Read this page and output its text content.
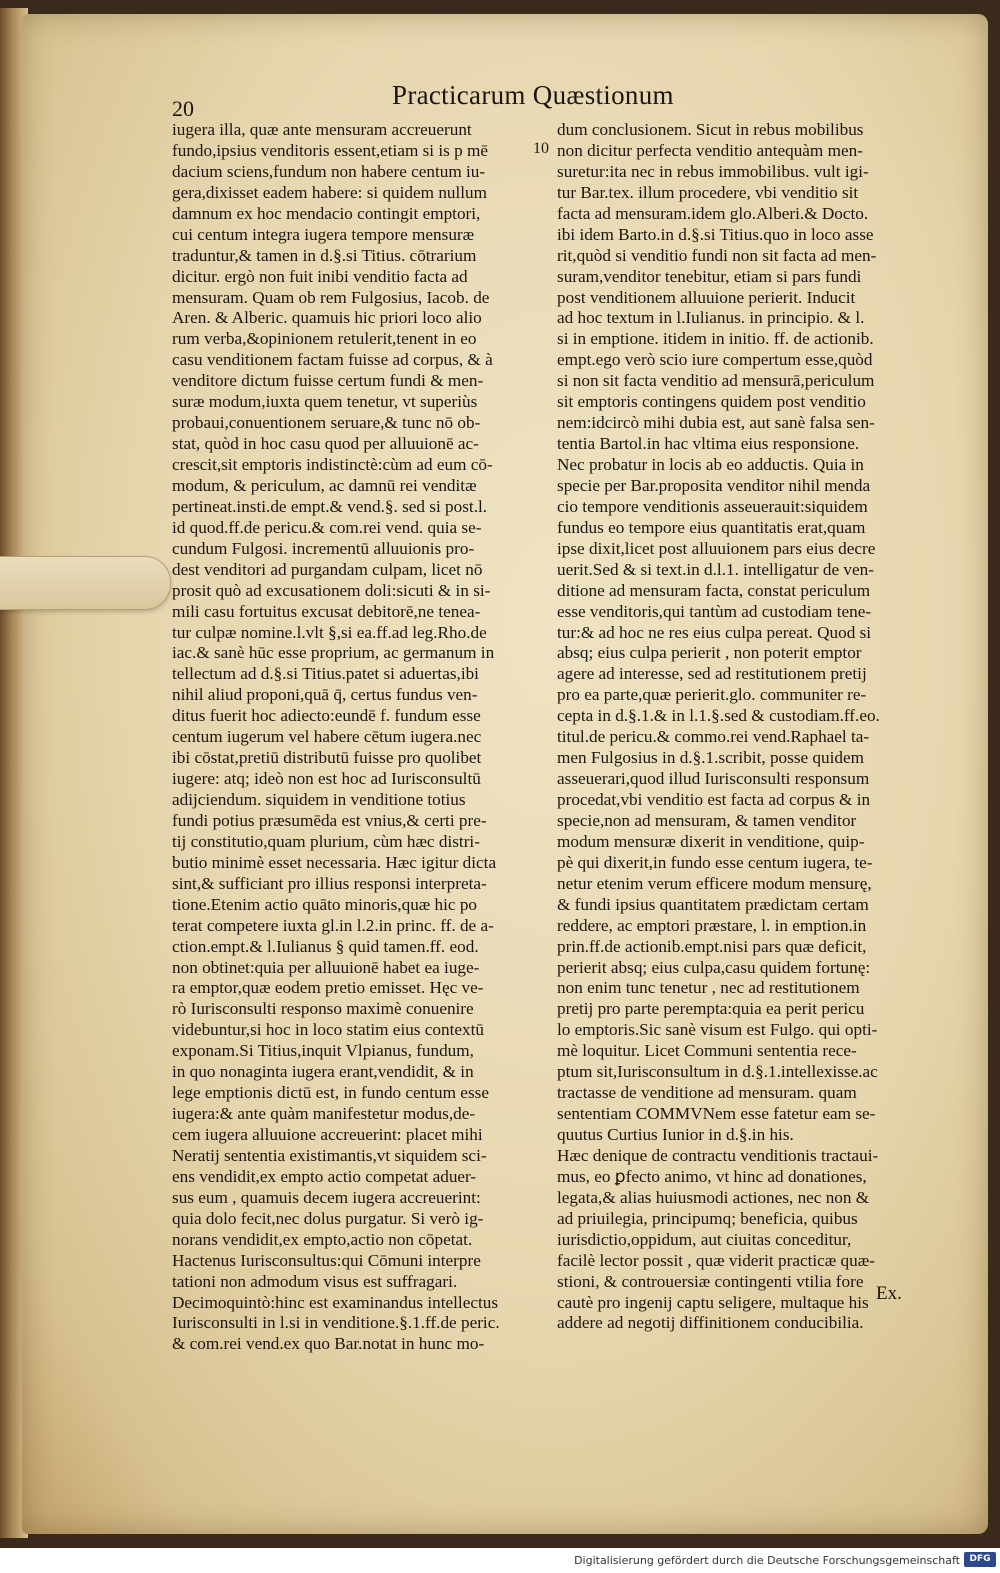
20	Practicarum Quæstionum
10
iugera illa, quæ ante mensuram accreuerunt
fundo,ipsius venditoris essent,etiam si is p mē
dacium sciens,fundum non habere centum iu-
gera,dixisset eadem habere: si quidem nullum
damnum ex hoc mendacio contingit emptori,
cui centum integra iugera tempore mensuræ
traduntur,& tamen in d.§.si Titius. cōtrarium
dicitur. ergò non fuit inibi venditio facta ad
mensuram. Quam ob rem Fulgosius, Iacob. de
Aren. & Alberic. quamuis hic priori loco alio
rum verba,&opinionem retulerit,tenent in eo
casu venditionem factam fuisse ad corpus, & à
venditore dictum fuisse certum fundi & men-
suræ modum,iuxta quem tenetur, vt superiùs
probaui,conuentionem seruare,& tunc nō ob-
stat, quòd in hoc casu quod per alluuionē ac-
crescit,sit emptoris indistinctè:cùm ad eum cō-
modum, & periculum, ac damnū rei venditæ
pertineat.insti.de empt.& vend.§. sed si post.l.
id quod.ff.de pericu.& com.rei vend. quia se-
cundum Fulgosi. incrementū alluuionis pro-
dest venditori ad purgandam culpam, licet nō
prosit quò ad excusationem doli:sicuti & in si-
mili casu fortuitus excusat debitorē,ne tenea-
tur culpæ nomine.l.vlt §,si ea.ff.ad leg.Rho.de
iac.& sanè hūc esse proprium, ac germanum in
tellectum ad d.§.si Titius.patet si aduertas,ibi
nihil aliud proponi,quā q̄, certus fundus ven-
ditus fuerit hoc adiecto:eundē f. fundum esse
centum iugerum vel habere cētum iugera.nec
ibi cōstat,pretiū distributū fuisse pro quolibet
iugere: atq; ideò non est hoc ad Iurisconsultū
adijciendum. siquidem in venditione totius
fundi potius præsumēda est vnius,& certi pre-
tij constitutio,quam plurium, cùm hæc distri-
butio minimè esset necessaria. Hæc igitur dicta
sint,& sufficiant pro illius responsi interpreta-
tione.Etenim actio quāto minoris,quæ hic po
terat competere iuxta gl.in l.2.in princ. ff. de a-
ction.empt.& l.Iulianus § quid tamen.ff. eod.
non obtinet:quia per alluuionē habet ea iuge-
ra emptor,quæ eodem pretio emisset. Hęc ve-
rò Iurisconsulti responso maximè conuenire
videbuntur,si hoc in loco statim eius contextū
exponam.Si Titius,inquit Vlpianus, fundum,
in quo nonaginta iugera erant,vendidit, & in
lege emptionis dictū est, in fundo centum esse
iugera:& ante quàm manifestetur modus,de-
cem iugera alluuione accreuerint: placet mihi
Neratij sententia existimantis,vt siquidem sci-
ens vendidit,ex empto actio competat aduer-
sus eum , quamuis decem iugera accreuerint:
quia dolo fecit,nec dolus purgatur. Si verò ig-
norans vendidit,ex empto,actio non cōpetat.
Hactenus Iurisconsultus:qui Cōmuni interpre
tationi non admodum visus est suffragari.
Decimoquintò:hinc est examinandus intellectus
Iurisconsulti in l.si in venditione.§.1.ff.de peric.
& com.rei vend.ex quo Bar.notat in hunc mo-
dum conclusionem. Sicut in rebus mobilibus
non dicitur perfecta venditio antequàm men-
suretur:ita nec in rebus immobilibus. vult igi-
tur Bar.tex. illum procedere, vbi venditio sit
facta ad mensuram.idem glo.Alberi.& Docto.
ibi idem Barto.in d.§.si Titius.quo in loco asse
rit,quòd si venditio fundi non sit facta ad men-
suram,venditor tenebitur, etiam si pars fundi
post venditionem alluuione perierit. Inducit
ad hoc textum in l.Iulianus. in principio. & l.
si in emptione. itidem in initio. ff. de actionib.
empt.ego verò scio iure compertum esse,quòd
si non sit facta venditio ad mensurā,periculum
sit emptoris contingens quidem post venditio
nem:idcircò mihi dubia est, aut sanè falsa sen-
tentia Bartol.in hac vltima eius responsione.
Nec probatur in locis ab eo adductis. Quia in
specie per Bar.proposita venditor nihil menda
cio tempore venditionis asseuerauit:siquidem
fundus eo tempore eius quantitatis erat,quam
ipse dixit,licet post alluuionem pars eius decre
uerit.Sed & si text.in d.l.1. intelligatur de ven-
ditione ad mensuram facta, constat periculum
esse venditoris,qui tantùm ad custodiam tene-
tur:& ad hoc ne res eius culpa pereat. Quod si
absq; eius culpa perierit , non poterit emptor
agere ad interesse, sed ad restitutionem pretij
pro ea parte,quæ perierit.glo. communiter re-
cepta in d.§.1.& in l.1.§.sed & custodiam.ff.eo.
titul.de pericu.& commo.rei vend.Raphael ta-
men Fulgosius in d.§.1.scribit, posse quidem
asseuerari,quod illud Iurisconsulti responsum
procedat,vbi venditio est facta ad corpus & in
specie,non ad mensuram, & tamen venditor
modum mensuræ dixerit in venditione, quip-
pè qui dixerit,in fundo esse centum iugera, te-
netur etenim verum efficere modum mensurę,
& fundi ipsius quantitatem prædictam certam
reddere, ac emptori præstare, l. in emption.in
prin.ff.de actionib.empt.nisi pars quæ deficit,
perierit absq; eius culpa,casu quidem fortunę:
non enim tunc tenetur , nec ad restitutionem
pretij pro parte perempta:quia ea perit pericu
lo emptoris.Sic sanè visum est Fulgo. qui opti-
mè loquitur. Licet Communi sententia rece-
ptum sit,Iurisconsultum in d.§.1.intellexisse.ac
tractasse de venditione ad mensuram. quam
sententiam COMMVNem esse fatetur eam se-
quutus Curtius Iunior in d.§.in his.
Hæc denique de contractu venditionis tractaui-
mus, eo ꝑfecto animo, vt hinc ad donationes,
legata,& alias huiusmodi actiones, nec non &
ad priuilegia, principumq; beneficia, quibus
iurisdictio,oppidum, aut ciuitas conceditur,
facilè lector possit , quæ viderit practicæ quæ-
stioni, & controuersiæ contingenti vtilia fore
cautè pro ingenij captu seligere, multaque his
addere ad negotij diffinitionem conducibilia.
Ex.
Digitalisierung gefördert durch die Deutsche Forschungsgemeinschaft	DFG
